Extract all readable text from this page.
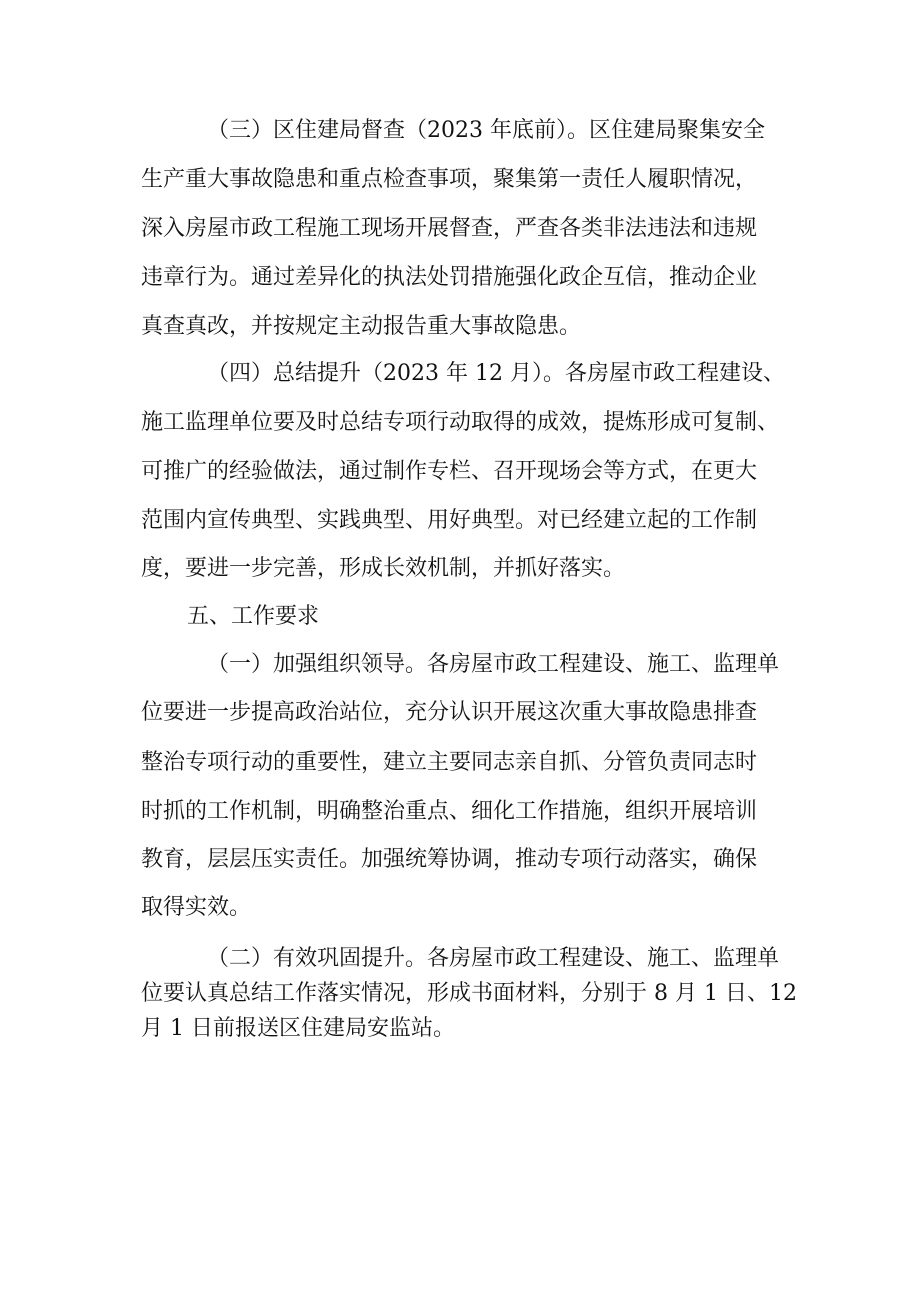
（三）区住建局督查（2023 年底前）。区住建局聚集安全
生产重大事故隐患和重点检查事项，聚集第一责任人履职情况，
深入房屋市政工程施工现场开展督查，严查各类非法违法和违规
违章行为。通过差异化的执法处罚措施强化政企互信，推动企业
真查真改，并按规定主动报告重大事故隐患。
（四）总结提升（2023 年 12 月）。各房屋市政工程建设、
施工监理单位要及时总结专项行动取得的成效，提炼形成可复制、
可推广的经验做法，通过制作专栏、召开现场会等方式，在更大
范围内宣传典型、实践典型、用好典型。对已经建立起的工作制
度，要进一步完善，形成长效机制，并抓好落实。
五、工作要求
（一）加强组织领导。各房屋市政工程建设、施工、监理单
位要进一步提高政治站位，充分认识开展这次重大事故隐患排查
整治专项行动的重要性，建立主要同志亲自抓、分管负责同志时
时抓的工作机制，明确整治重点、细化工作措施，组织开展培训
教育，层层压实责任。加强统筹协调，推动专项行动落实，确保
取得实效。
（二）有效巩固提升。各房屋市政工程建设、施工、监理单
位要认真总结工作落实情况，形成书面材料，分别于 8 月 1 日、12
月 1 日前报送区住建局安监站。
